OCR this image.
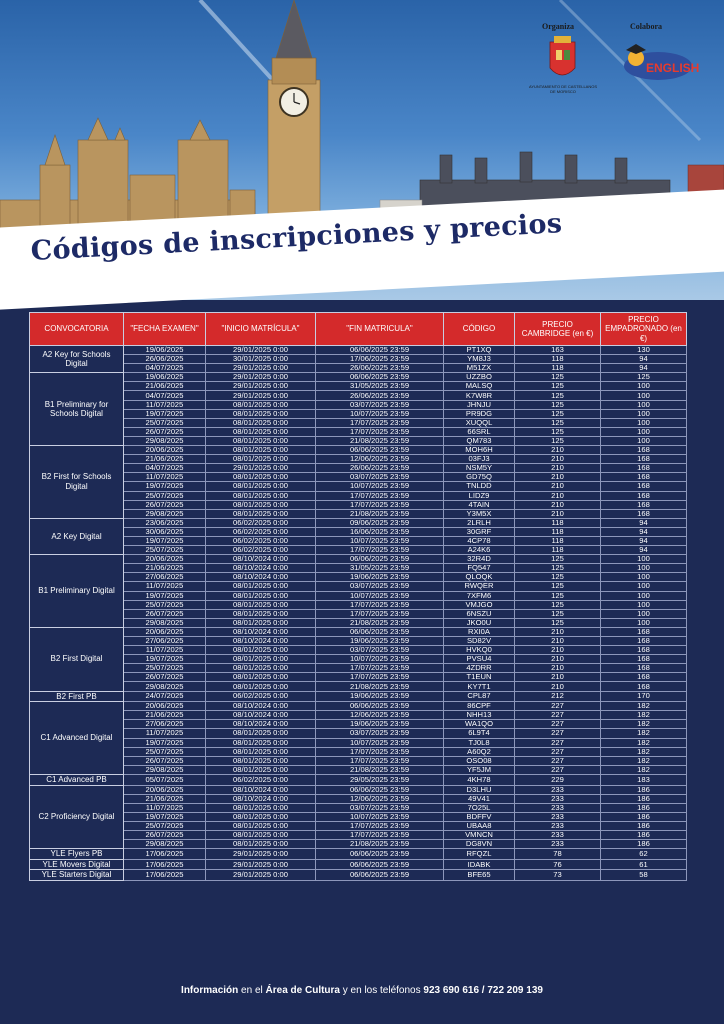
ENGLISH
Organiza	Colabora
AYUNTAMIENTO DE CASTELLANOS DE MORISCO
Códigos de inscripciones y precios
CONVOCATORIA	"FECHA EXAMEN"	"INICIO MATRÍCULA"	"FIN MATRICULA"	CÓDIGO	PRECIO CAMBRIDGE (en €)	PRECIO EMPADRONADO (en €)
A2 Key for Schools Digital	19/06/2025	29/01/2025 0:00	06/06/2025 23:59	PT1XQ	163	130
	26/06/2025	30/01/2025 0:00	17/06/2025 23:59	YM8J3	118	94
	04/07/2025	29/01/2025 0:00	26/06/2025 23:59	M51ZX	118	94
B1 Preliminary for Schools Digital	19/06/2025	29/01/2025 0:00	06/06/2025 23:59	UZZBO	125	125
	21/06/2025	29/01/2025 0:00	31/05/2025 23:59	MALSQ	125	100
	04/07/2025	29/01/2025 0:00	26/06/2025 23:59	K7W8R	125	100
	11/07/2025	08/01/2025 0:00	03/07/2025 23:59	JHNJU	125	100
	19/07/2025	08/01/2025 0:00	10/07/2025 23:59	PR9DG	125	100
	25/07/2025	08/01/2025 0:00	17/07/2025 23:59	XUQQL	125	100
	26/07/2025	08/01/2025 0:00	17/07/2025 23:59	66SRL	125	100
	29/08/2025	08/01/2025 0:00	21/08/2025 23:59	QM783	125	100
B2 First for Schools Digital	20/06/2025	08/01/2025 0:00	06/06/2025 23:59	MOH6H	210	168
	21/06/2025	08/01/2025 0:00	12/06/2025 23:59	03FJ3	210	168
	04/07/2025	29/01/2025 0:00	26/06/2025 23:59	NSM5Y	210	168
	11/07/2025	08/01/2025 0:00	03/07/2025 23:59	GD75Q	210	168
	19/07/2025	08/01/2025 0:00	10/07/2025 23:59	TNLDD	210	168
	25/07/2025	08/01/2025 0:00	17/07/2025 23:59	LIDZ9	210	168
	26/07/2025	08/01/2025 0:00	17/07/2025 23:59	4TAIN	210	168
	29/08/2025	08/01/2025 0:00	21/08/2025 23:59	Y3M5X	210	168
A2 Key Digital	23/06/2025	06/02/2025 0:00	09/06/2025 23:59	2LRLH	118	94
	30/06/2025	06/02/2025 0:00	16/06/2025 23:59	30GRF	118	94
	19/07/2025	06/02/2025 0:00	10/07/2025 23:59	4CP78	118	94
	25/07/2025	06/02/2025 0:00	17/07/2025 23:59	A24K6	118	94
B1 Preliminary Digital	20/06/2025	08/10/2024 0:00	06/06/2025 23:59	32R4D	125	100
	21/06/2025	08/10/2024 0:00	31/05/2025 23:59	FQ547	125	100
	27/06/2025	08/10/2024 0:00	19/06/2025 23:59	QLOQK	125	100
	11/07/2025	08/01/2025 0:00	03/07/2025 23:59	RWQER	125	100
	19/07/2025	08/01/2025 0:00	10/07/2025 23:59	7XFM6	125	100
	25/07/2025	08/01/2025 0:00	17/07/2025 23:59	VMJGO	125	100
	26/07/2025	08/01/2025 0:00	17/07/2025 23:59	6NSZU	125	100
	29/08/2025	08/01/2025 0:00	21/08/2025 23:59	JKO0U	125	100
B2 First Digital	20/06/2025	08/10/2024 0:00	06/06/2025 23:59	RXI0A	210	168
	27/06/2025	08/10/2024 0:00	19/06/2025 23:59	SD82V	210	168
	11/07/2025	08/01/2025 0:00	03/07/2025 23:59	HVKQ0	210	168
	19/07/2025	08/01/2025 0:00	10/07/2025 23:59	PVSU4	210	168
	25/07/2025	08/01/2025 0:00	17/07/2025 23:59	4ZDRR	210	168
	26/07/2025	08/01/2025 0:00	17/07/2025 23:59	T1EUN	210	168
	29/08/2025	08/01/2025 0:00	21/08/2025 23:59	KY7T1	210	168
B2 First PB	24/07/2025	06/02/2025 0:00	19/06/2025 23:59	CPL87	212	170
C1 Advanced Digital	20/06/2025	08/10/2024 0:00	06/06/2025 23:59	86CPF	227	182
	21/06/2025	08/10/2024 0:00	12/06/2025 23:59	NHH13	227	182
	27/06/2025	08/10/2024 0:00	19/06/2025 23:59	WA1QO	227	182
	11/07/2025	08/01/2025 0:00	03/07/2025 23:59	6L9T4	227	182
	19/07/2025	08/01/2025 0:00	10/07/2025 23:59	TJ0L8	227	182
	25/07/2025	08/01/2025 0:00	17/07/2025 23:59	A60Q2	227	182
	26/07/2025	08/01/2025 0:00	17/07/2025 23:59	OSO08	227	182
	29/08/2025	08/01/2025 0:00	21/08/2025 23:59	YF5JM	227	182
C1 Advanced PB	05/07/2025	06/02/2025 0:00	29/05/2025 23:59	4KH78	229	183
C2 Proficiency Digital	20/06/2025	08/10/2024 0:00	06/06/2025 23:59	D3LHU	233	186
	21/06/2025	08/10/2024 0:00	12/06/2025 23:59	49V41	233	186
	11/07/2025	08/01/2025 0:00	03/07/2025 23:59	7O25L	233	186
	19/07/2025	08/01/2025 0:00	10/07/2025 23:59	BDFFV	233	186
	25/07/2025	08/01/2025 0:00	17/07/2025 23:59	UBAA8	233	186
	26/07/2025	08/01/2025 0:00	17/07/2025 23:59	VMNCN	233	186
	29/08/2025	08/01/2025 0:00	21/08/2025 23:59	DG8VN	233	186
YLE Flyers PB	17/06/2025	29/01/2025 0:00	06/06/2025 23:59	RFQZL	78	62
YLE Movers Digital	17/06/2025	29/01/2025 0:00	06/06/2025 23:59	IDABK	76	61
YLE Starters Digital	17/06/2025	29/01/2025 0:00	06/06/2025 23:59	BFE65	73	58
Información en el Área de Cultura y en los teléfonos 923 690 616 / 722 209 139
